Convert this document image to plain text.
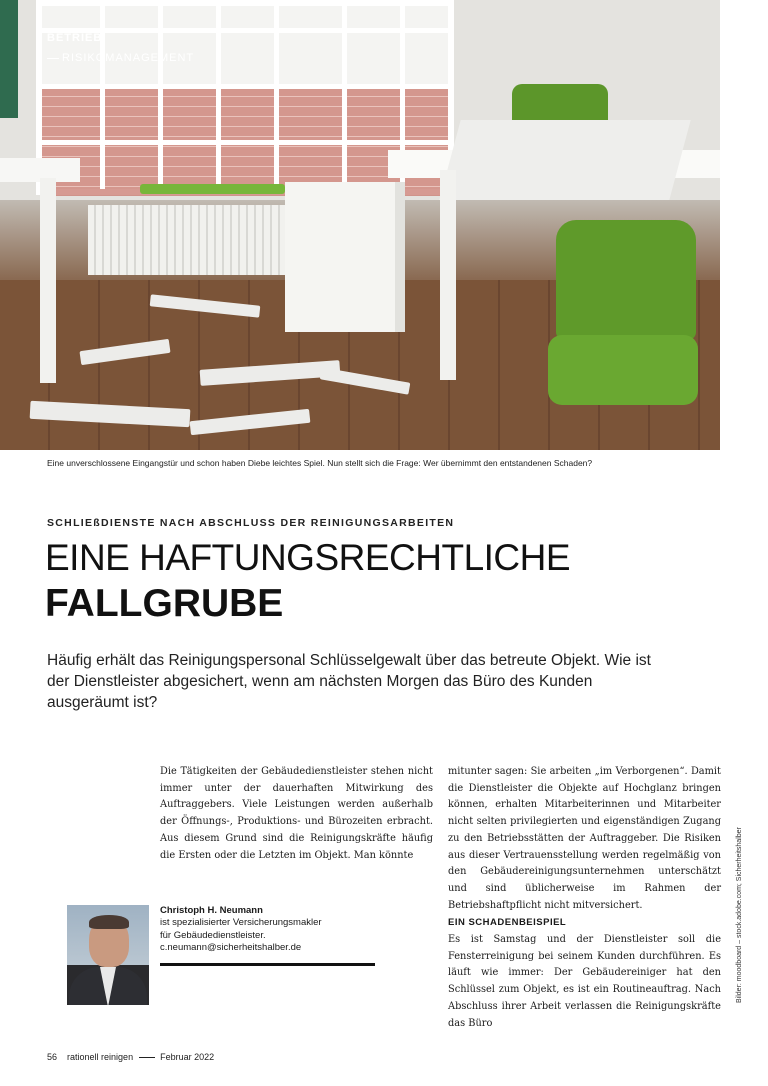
BETRIEB
RISIKOMANAGEMENT
Eine unverschlossene Eingangstür und schon haben Diebe leichtes Spiel. Nun stellt sich die Frage: Wer übernimmt den entstandenen Schaden?
SCHLIEßDIENSTE NACH ABSCHLUSS DER REINIGUNGSARBEITEN
EINE HAFTUNGSRECHTLICHE
FALLGRUBE
Häufig erhält das Reinigungspersonal Schlüsselgewalt über das betreute Objekt. Wie ist der Dienstleister abgesichert, wenn am nächsten Morgen das Büro des Kunden ausgeräumt ist?
Die Tätigkeiten der Gebäudedienstleister stehen nicht immer unter der dauerhaften Mitwirkung des Auftraggebers. Viele Leistungen werden außerhalb der Öffnungs-, Produktions- und Bürozeiten erbracht. Aus diesem Grund sind die Reinigungskräfte häufig die Ersten oder die Letzten im Objekt. Man könnte
mitunter sagen: Sie arbeiten „im Verborgenen“. Damit die Dienstleister die Objekte auf Hochglanz bringen können, erhalten Mitarbeiterinnen und Mitarbeiter nicht selten privilegierten und eigenständigen Zugang zu den Betriebsstätten der Auftraggeber. Die Risiken aus dieser Vertrauensstellung werden regelmäßig von den Gebäudereinigungsunternehmen unterschätzt und sind üblicherweise im Rahmen der Betriebshaftpflicht nicht mitversichert.
EIN SCHADENBEISPIEL
Es ist Samstag und der Dienstleister soll die Fensterreinigung bei seinem Kunden durchführen. Es läuft wie immer: Der Gebäudereiniger hat den Schlüssel zum Objekt, es ist ein Routineauftrag. Nach Abschluss ihrer Arbeit verlassen die Reinigungskräfte das Büro
Christoph H. Neumann
ist spezialisierter Versicherungsmakler
für Gebäudedienstleister.
c.neumann@sicherheitshalber.de	Bilder: moodboard – stock.adobe.com; Sicherheitshalber
56 rationell reinigen	Februar 2022
